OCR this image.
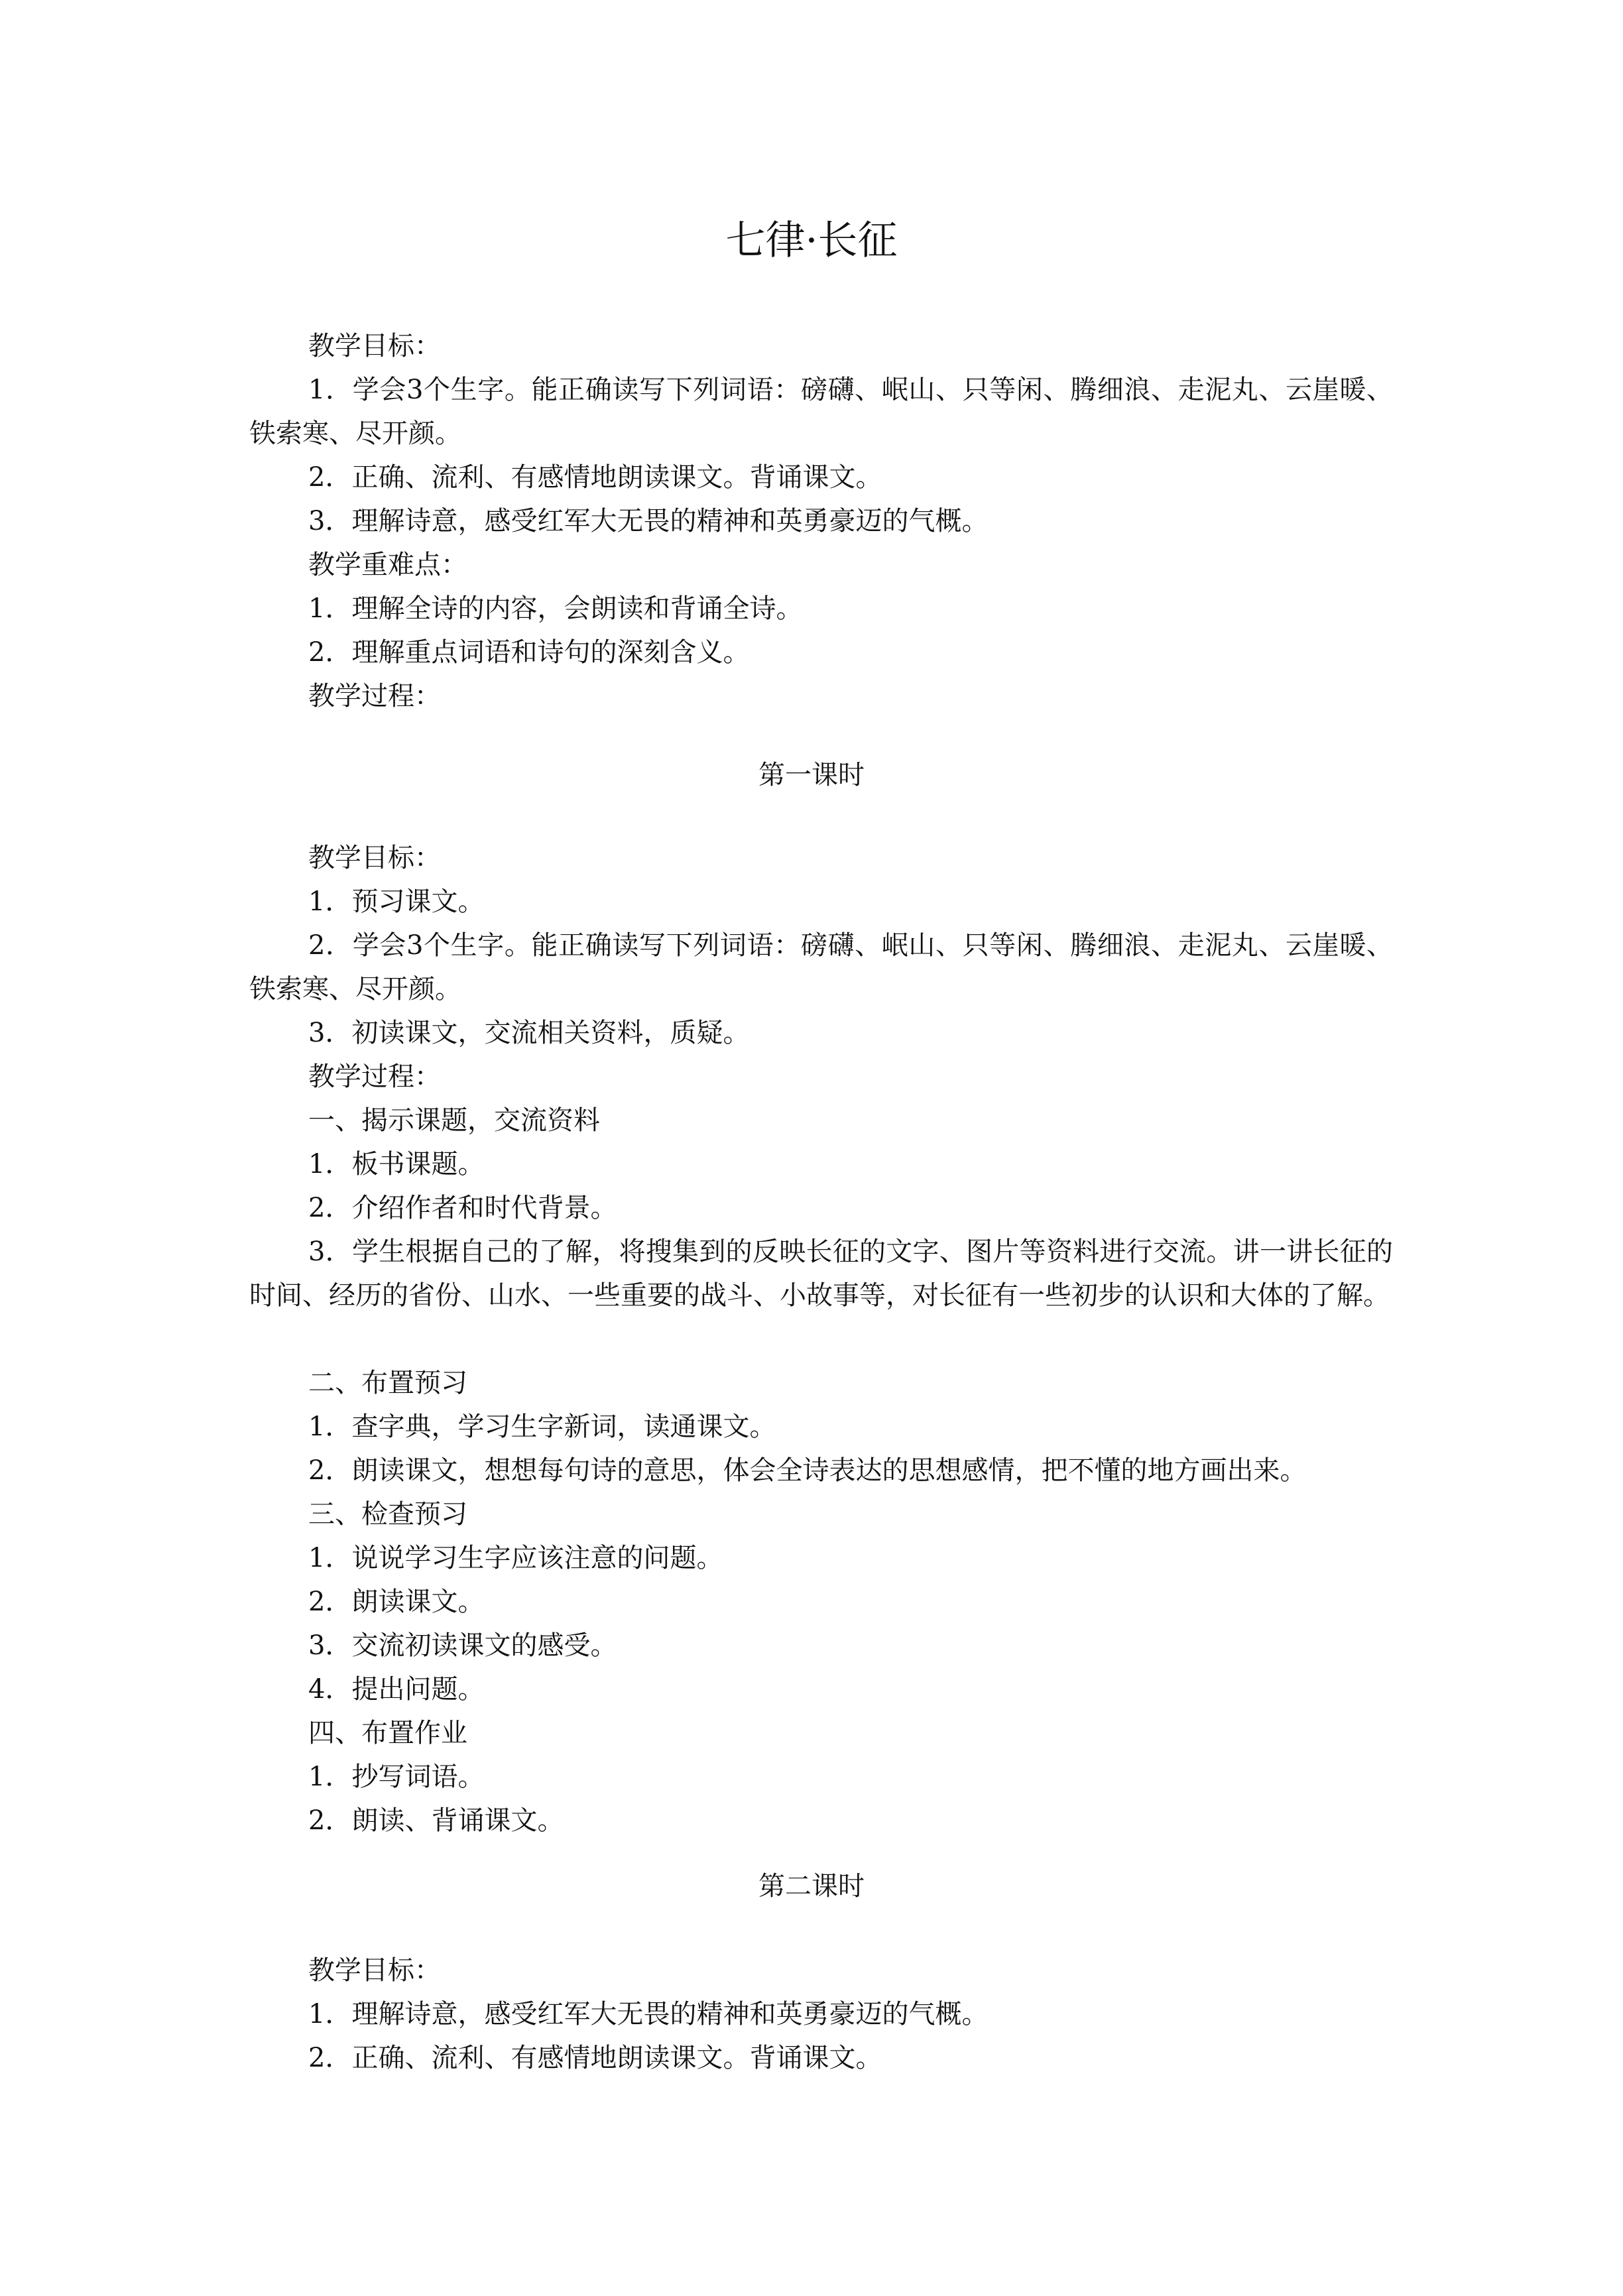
七律·长征
教学目标：
1．学会3个生字。能正确读写下列词语：磅礴、岷山、只等闲、腾细浪、走泥丸、云崖暖、铁索寒、尽开颜。
2．正确、流利、有感情地朗读课文。背诵课文。
3．理解诗意，感受红军大无畏的精神和英勇豪迈的气概。
教学重难点：
1．理解全诗的内容，会朗读和背诵全诗。
2．理解重点词语和诗句的深刻含义。
教学过程：
第一课时
教学目标：
1．预习课文。
2．学会3个生字。能正确读写下列词语：磅礴、岷山、只等闲、腾细浪、走泥丸、云崖暖、铁索寒、尽开颜。
3．初读课文，交流相关资料，质疑。
教学过程：
一、揭示课题，交流资料
1．板书课题。
2．介绍作者和时代背景。
3．学生根据自己的了解，将搜集到的反映长征的文字、图片等资料进行交流。讲一讲长征的时间、经历的省份、山水、一些重要的战斗、小故事等，对长征有一些初步的认识和大体的了解。
二、布置预习
1．查字典，学习生字新词，读通课文。
2．朗读课文，想想每句诗的意思，体会全诗表达的思想感情，把不懂的地方画出来。
三、检查预习
1．说说学习生字应该注意的问题。
2．朗读课文。
3．交流初读课文的感受。
4．提出问题。
四、布置作业
1．抄写词语。
2．朗读、背诵课文。
第二课时
教学目标：
1．理解诗意，感受红军大无畏的精神和英勇豪迈的气概。
2．正确、流利、有感情地朗读课文。背诵课文。
